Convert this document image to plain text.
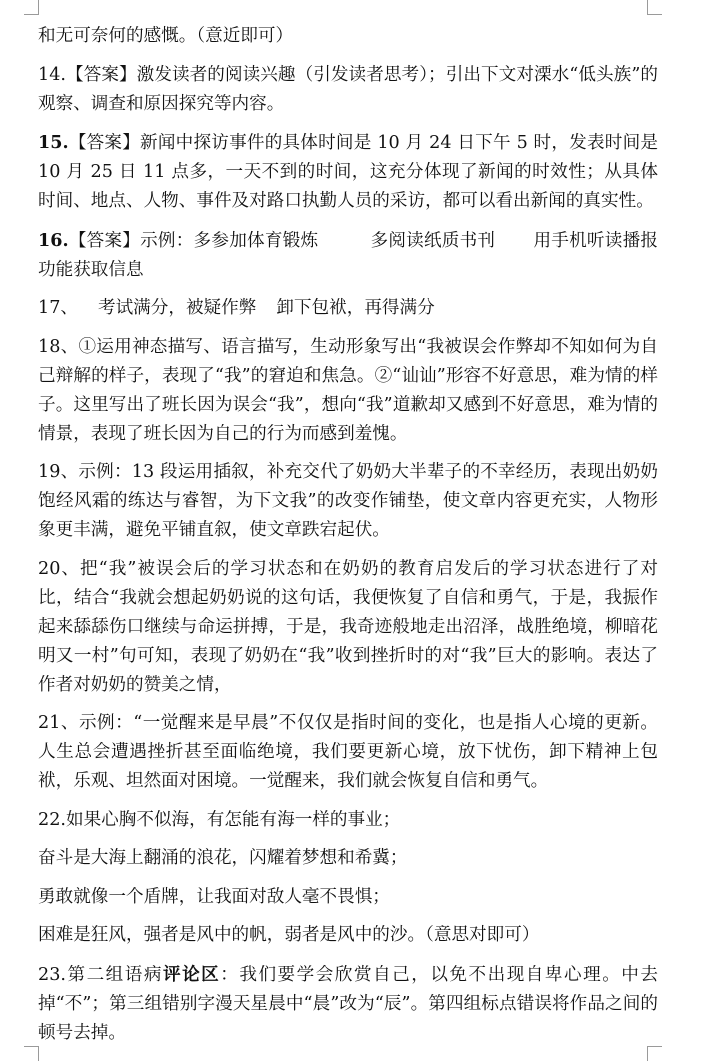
和无可奈何的感慨。（意近即可）

14.【答案】激发读者的阅读兴趣（引发读者思考）；引出下文对溧水“低头族”的观察、调查和原因探究等内容。

15.【答案】新闻中探访事件的具体时间是 10 月 24 日下午 5 时，发表时间是 10 月 25 日 11 点多，一天不到的时间，这充分体现了新闻的时效性；从具体时间、地点、人物、事件及对路口执勤人员的采访，都可以看出新闻的真实性。

16.【答案】示例：多参加体育锻炼	多阅读纸质书刊 用手机听读播报功能获取信息

17、 考试满分，被疑作弊 卸下包袱，再得满分

18、①运用神态描写、语言描写，生动形象写出“我被误会作弊却不知如何为自己辩解的样子，表现了“我”的窘迫和焦急。②“讪讪”形容不好意思，难为情的样子。这里写出了班长因为误会“我”，想向“我”道歉却又感到不好意思，难为情的情景，表现了班长因为自己的行为而感到羞愧。

19、示例：13 段运用插叙，补充交代了奶奶大半辈子的不幸经历，表现出奶奶饱经风霜的练达与睿智，为下文我”的改变作铺垫，使文章内容更充实，人物形象更丰满，避免平铺直叙，使文章跌宕起伏。

20、把“我”被误会后的学习状态和在奶奶的教育启发后的学习状态进行了对比，结合“我就会想起奶奶说的这句话，我便恢复了自信和勇气，于是，我振作起来舔舔伤口继续与命运拼搏，于是，我奇迹般地走出沼泽，战胜绝境，柳暗花明又一村”句可知，表现了奶奶在“我”收到挫折时的对“我”巨大的影响。表达了作者对奶奶的赞美之情，

21、示例：“一觉醒来是早晨”不仅仅是指时间的变化，也是指人心境的更新。人生总会遭遇挫折甚至面临绝境，我们要更新心境，放下忧伤，卸下精神上包袱，乐观、坦然面对困境。一觉醒来，我们就会恢复自信和勇气。

22.如果心胸不似海，有怎能有海一样的事业；

奋斗是大海上翻涌的浪花，闪耀着梦想和希冀；

勇敢就像一个盾牌，让我面对敌人毫不畏惧；

困难是狂风，强者是风中的帆，弱者是风中的沙。（意思对即可）

23.第二组语病评论区：我们要学会欣赏自己，以免不出现自卑心理。中去掉“不”；第三组错别字漫天星晨中“晨”改为“辰”。第四组标点错误将作品之间的顿号去掉。
